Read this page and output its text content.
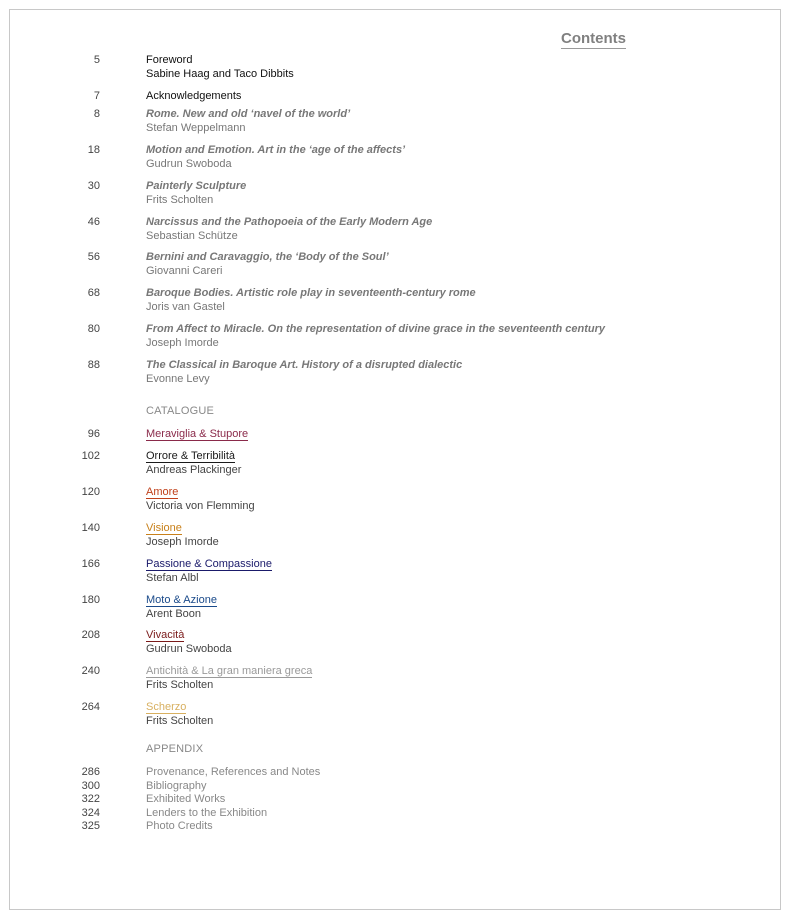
Contents
5	Foreword
Sabine Haag and Taco Dibbits
7	Acknowledgements
8	Rome. New and old ‘navel of the world’
Stefan Weppelmann
18	Motion and Emotion. Art in the ‘age of the affects’
Gudrun Swoboda
30	Painterly Sculpture
Frits Scholten
46	Narcissus and the Pathopoeia of the Early Modern Age
Sebastian Schütze
56	Bernini and Caravaggio, the ‘Body of the Soul’
Giovanni Careri
68	Baroque Bodies. Artistic role play in seventeenth-century rome
Joris van Gastel
80	From Affect to Miracle. On the representation of divine grace in the seventeenth century
Joseph Imorde
88	The Classical in Baroque Art. History of a disrupted dialectic
Evonne Levy
CATALOGUE
96	Meraviglia & Stupore
102	Orrore & Terribilità
Andreas Plackinger
120	Amore
Victoria von Flemming
140	Visione
Joseph Imorde
166	Passione & Compassione
Stefan Albl
180	Moto & Azione
Arent Boon
208	Vivacità
Gudrun Swoboda
240	Antichità & La gran maniera greca
Frits Scholten
264	Scherzo
Frits Scholten
APPENDIX
286	Provenance, References and Notes
300	Bibliography
322	Exhibited Works
324	Lenders to the Exhibition
325	Photo Credits
